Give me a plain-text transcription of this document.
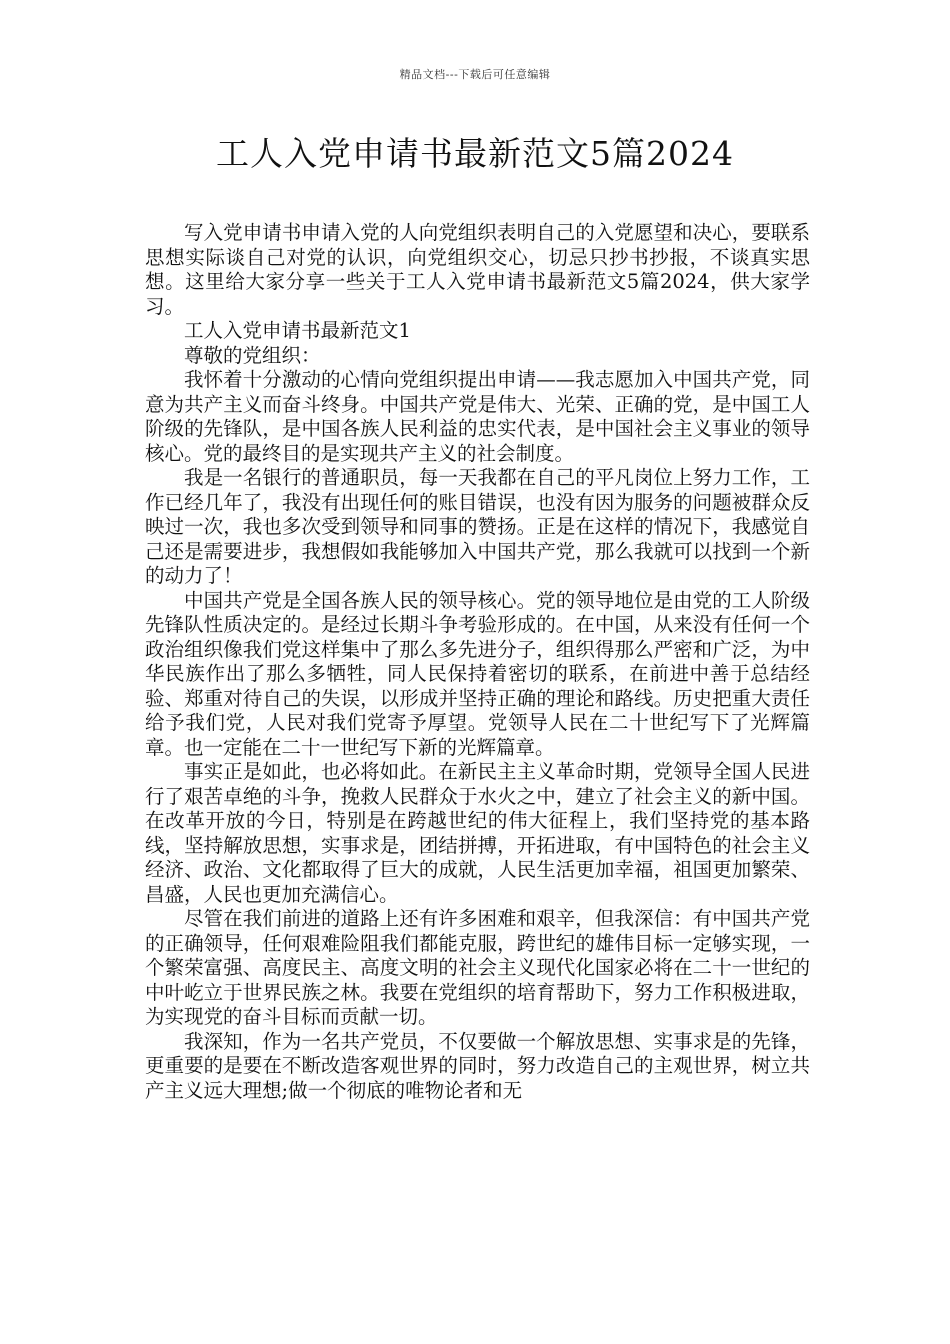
精品文档---下载后可任意编辑
工人入党申请书最新范文5篇2024

写入党申请书申请入党的人向党组织表明自己的入党愿望和决心，要联系思想实际谈自己对党的认识，向党组织交心，切忌只抄书抄报，不谈真实思想。这里给大家分享一些关于工人入党申请书最新范文5篇2024，供大家学习。

工人入党申请书最新范文1

尊敬的党组织：

我怀着十分激动的心情向党组织提出申请——我志愿加入中国共产党，同意为共产主义而奋斗终身。中国共产党是伟大、光荣、正确的党，是中国工人阶级的先锋队，是中国各族人民利益的忠实代表，是中国社会主义事业的领导核心。党的最终目的是实现共产主义的社会制度。

我是一名银行的普通职员，每一天我都在自己的平凡岗位上努力工作，工作已经几年了，我没有出现任何的账目错误，也没有因为服务的问题被群众反映过一次，我也多次受到领导和同事的赞扬。正是在这样的情况下，我感觉自己还是需要进步，我想假如我能够加入中国共产党，那么我就可以找到一个新的动力了！

中国共产党是全国各族人民的领导核心。党的领导地位是由党的工人阶级先锋队性质决定的。是经过长期斗争考验形成的。在中国，从来没有任何一个政治组织像我们党这样集中了那么多先进分子，组织得那么严密和广泛，为中华民族作出了那么多牺牲，同人民保持着密切的联系，在前进中善于总结经验、郑重对待自己的失误，以形成并坚持正确的理论和路线。历史把重大责任给予我们党，人民对我们党寄予厚望。党领导人民在二十世纪写下了光辉篇章。也一定能在二十一世纪写下新的光辉篇章。

事实正是如此，也必将如此。在新民主主义革命时期，党领导全国人民进行了艰苦卓绝的斗争，挽救人民群众于水火之中，建立了社会主义的新中国。在改革开放的今日，特别是在跨越世纪的伟大征程上，我们坚持党的基本路线，坚持解放思想，实事求是，团结拼搏，开拓进取，有中国特色的社会主义经济、政治、文化都取得了巨大的成就，人民生活更加幸福，祖国更加繁荣、昌盛，人民也更加充满信心。

尽管在我们前进的道路上还有许多困难和艰辛，但我深信：有中国共产党的正确领导，任何艰难险阻我们都能克服，跨世纪的雄伟目标一定够实现，一个繁荣富强、高度民主、高度文明的社会主义现代化国家必将在二十一世纪的中叶屹立于世界民族之林。我要在党组织的培育帮助下，努力工作积极进取，为实现党的奋斗目标而贡献一切。

我深知，作为一名共产党员，不仅要做一个解放思想、实事求是的先锋，更重要的是要在不断改造客观世界的同时，努力改造自己的主观世界，树立共产主义远大理想;做一个彻底的唯物论者和无
